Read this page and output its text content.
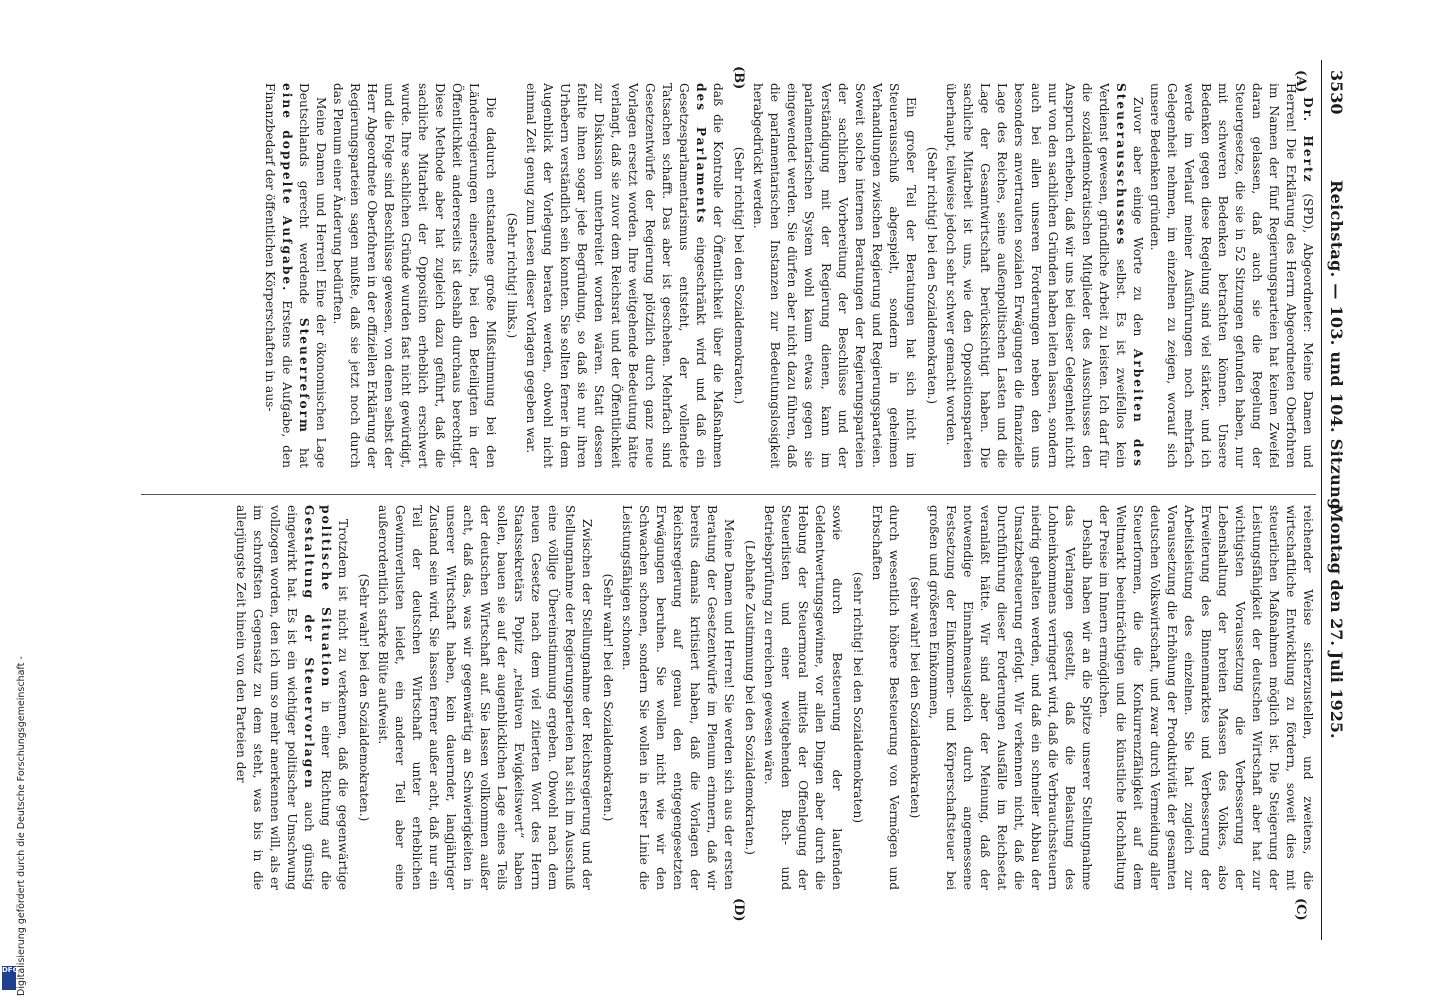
3530
Reichstag. — 103. und 104. Sitzung.
Montag den 27. Juli 1925.
(A)
(B)
(C)
(D)

Dr. Hertz (SPD), Abgeordneter: Meine Damen und Herren! Die Erklärung des Herrn Abgeordneten Oberfohren im Namen der fünf Regierungsparteien hat keinen Zweifel daran gelassen, daß auch sie die Regelung der Steuergesetze, die sie in 52 Sitzungen gefunden haben, nur mit schweren Bedenken betrachten können. Unsere Bedenken gegen diese Regelung sind viel stärker, und ich werde im Verlauf meiner Ausführungen noch mehrfach Gelegenheit nehmen, im einzelnen zu zeigen, worauf sich unsere Bedenken gründen.

Zuvor aber einige Worte zu den Arbeiten des Steuerausschusses selbst. Es ist zweifellos kein Verdienst gewesen, gründliche Arbeit zu leisten. Ich darf für die sozialdemokratischen Mitglieder des Ausschusses den Anspruch erheben, daß wir uns bei dieser Gelegenheit nicht nur von den sachlichen Gründen haben leiten lassen, sondern auch bei allen unseren Forderungen neben den uns besonders anvertrauten sozialen Erwägungen die finanzielle Lage des Reiches, seine außenpolitischen Lasten und die Lage der Gesamtwirtschaft berücksichtigt haben. Die sachliche Mitarbeit ist uns, wie den Oppositionsparteien überhaupt, teilweise jedoch sehr schwer gemacht worden.

(Sehr richtig! bei den Sozialdemokraten.)

Ein großer Teil der Beratungen hat sich nicht im Steuerausschuß abgespielt, sondern in geheimen Verhandlungen zwischen Regierung und Regierungsparteien. Soweit solche internen Beratungen der Regierungsparteien der sachlichen Vorbereitung der Beschlüsse und der Verständigung mit der Regierung dienen, kann im parlamentarischen System wohl kaum etwas gegen sie eingewendet werden. Sie dürfen aber nicht dazu führen, daß die parlamentarischen Instanzen zur Bedeutungslosigkeit herabgedrückt werden.

(Sehr richtig! bei den Sozialdemokraten.)

daß die Kontrolle der Öffentlichkeit über die Maßnahmen des Parlaments eingeschränkt wird und daß ein Gesetzesparlamentarismus entsteht, der vollendete Tatsachen schafft. Das aber ist geschehen. Mehrfach sind Gesetzentwürfe der Regierung plötzlich durch ganz neue Vorlagen ersetzt worden. Ihre weitgehende Bedeutung hätte verlangt, daß sie zuvor dem Reichsrat und der Öffentlichkeit zur Diskussion unterbreitet worden wären. Statt dessen fehlte ihnen sogar jede Begründung, so daß sie nur ihren Urhebern verständlich sein konnten. Sie sollten ferner in dem Augenblick der Vorlegung beraten werden, obwohl nicht einmal Zeit genug zum Lesen dieser Vorlagen gegeben war.

(Sehr richtig! links.)

Die dadurch entstandene große Mißstimmung bei den Länderregierungen einerseits, bei den Beteiligten in der Öffentlichkeit andererseits ist deshalb durchaus berechtigt. Diese Methode aber hat zugleich dazu geführt, daß die sachliche Mitarbeit der Opposition erheblich erschwert wurde. Ihre sachlichen Gründe wurden fast nicht gewürdigt, und die Folge sind Beschlüsse gewesen, von denen selbst der Herr Abgeordnete Oberfohren in der offiziellen Erklärung der Regierungsparteien sagen mußte, daß sie jetzt noch durch das Plenum einer Änderung bedürften.

Meine Damen und Herren! Eine der ökonomischen Lage Deutschlands gerecht werdende Steuerreform hat eine doppelte Aufgabe. Erstens die Aufgabe, den Finanzbedarf der öffentlichen Körperschaften in aus-

reichender Weise sicherzustellen, und zweitens, die wirtschaftliche Entwicklung zu fördern, soweit dies mit steuerlichen Maßnahmen möglich ist. Die Steigerung der Leistungsfähigkeit der deutschen Wirtschaft aber hat zur wichtigsten Voraussetzung die Verbesserung der Lebenshaltung der breiten Massen des Volkes, also Erweiterung des Binnenmarktes und Verbesserung der Arbeitsleistung des einzelnen. Sie hat zugleich zur Voraussetzung die Erhöhung der Produktivität der gesamten deutschen Volkswirtschaft, und zwar durch Vermeidung aller Steuerformen, die die Konkurrenzfähigkeit auf dem Weltmarkt beeinträchtigen und die künstliche Hochhaltung der Preise im Innern ermöglichen.

Deshalb haben wir an die Spitze unserer Stellungnahme das Verlangen gestellt, daß die Belastung des Lohneinkommens verringert wird, daß die Verbrauchssteuern niedrig gehalten werden, und daß ein schneller Abbau der Umsatzbesteuerung erfolgt. Wir verkennen nicht, daß die Durchführung dieser Forderungen Ausfälle im Reichsetat veranlaßt hätte. Wir sind aber der Meinung, daß der notwendige Einnahmeausgleich durch angemessene Festsetzung der Einkommen- und Körperschaftsteuer bei großen und größeren Einkommen,

(sehr wahr! bei den Sozialdemokraten)

durch wesentlich höhere Besteuerung von Vermögen und Erbschaften

(sehr richtig! bei den Sozialdemokraten)

sowie durch Besteuerung der laufenden Geldentwertungsgewinne, vor allen Dingen aber durch die Hebung der Steuermoral mittels der Offenlegung der Steuerlisten und einer weitgehenden Buch- und Betriebsprüfung zu erreichen gewesen wäre.

(Lebhafte Zustimmung bei den Sozialdemokraten.)

Meine Damen und Herren! Sie werden sich aus der ersten Beratung der Gesetzentwürfe im Plenum erinnern, daß wir bereits damals kritisiert haben, daß die Vorlagen der Reichsregierung auf genau den entgegengesetzten Erwägungen beruhen. Sie wollen nicht wie wir den Schwachen schonen, sondern Sie wollen in erster Linie die Leistungsfähigen schonen.

(Sehr wahr! bei den Sozialdemokraten.)

Zwischen der Stellungnahme der Reichsregierung und der Stellungnahme der Regierungsparteien hat sich im Ausschuß eine völlige Übereinstimmung ergeben. Obwohl nach dem neuen Gesetze nach dem viel zitierten Wort des Herrn Staatssekretärs Popitz „relativen Ewigkeitswert“ haben sollen, bauen sie auf der augenblicklichen Lage eines Teils der deutschen Wirtschaft auf. Sie lassen vollkommen außer acht, daß das, was wir gegenwärtig an Schwierigkeiten in unserer Wirtschaft haben, kein dauernder, langjähriger Zustand sein wird. Sie lassen ferner außer acht, daß nur ein Teil der deutschen Wirtschaft unter erheblichen Gewinnverlusten leidet, ein anderer Teil aber eine außerordentlich starke Blüte aufweist.

(Sehr wahr! bei den Sozialdemokraten.)

Trotzdem ist nicht zu verkennen, daß die gegenwärtige politische Situation in einer Richtung auf die Gestaltung der Steuervorlagen auch günstig eingewirkt hat. Es ist ein wichtiger politischer Umschwung vollzogen worden, den ich um so mehr anerkennen will, als er im schroffsten Gegensatz zu dem steht, was bis in die allerjüngste Zeit hinein von den Parteien der

DFG
Digitalisierung gefördert durch die Deutsche Forschungsgemeinschaft -
